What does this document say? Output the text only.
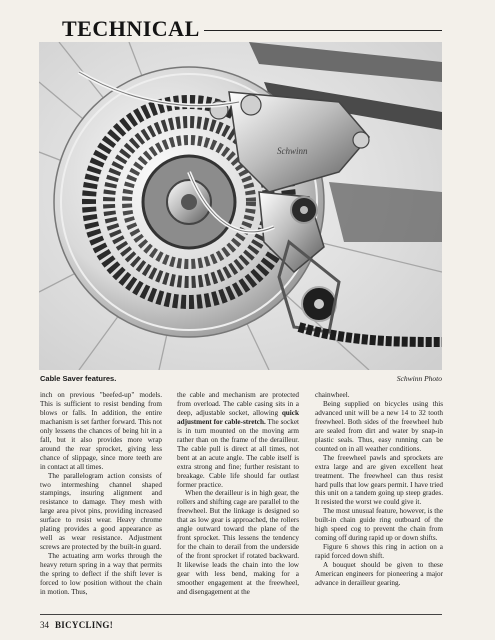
TECHNICAL
Schwinn
Cable Saver features.	Schwinn Photo

inch on previous "beefed-up" models. This is sufficient to resist bending from blows or falls. In addition, the entire machanism is set farther forward. This not only lessens the chances of being hit in a fall, but it also provides more wrap around the rear sprocket, giving less chance of slippage, since more teeth are in contact at all times.

The parallelogram action consists of two intermeshing channel shaped stampings, insuring alignment and resistance to damage. They mesh with large area pivot pins, providing increased surface to resist wear. Heavy chrome plating provides a good appearance as well as wear resistance. Adjustment screws are protected by the built-in guard.

The actuating arm works through the heavy return spring in a way that permits the spring to deflect if the shift lever is forced to low position without the chain in motion. Thus,

the cable and mechanism are protected from overload. The cable casing sits in a deep, adjustable socket, allowing quick adjustment for cable-stretch. The socket is in turn mounted on the moving arm rather than on the frame of the derailleur. The cable pull is direct at all times, not bent at an acute angle. The cable itself is extra strong and fine; further resistant to breakage. Cable life should far outlast former practice.

When the derailleur is in high gear, the rollers and shifting cage are parallel to the freewheel. But the linkage is designed so that as low gear is approached, the rollers angle outward toward the plane of the front sprocket. This lessens the tendency for the chain to derail from the underside of the front sprocket if rotated backward. It likewise leads the chain into the low gear with less bend, making for a smoother engagement at the freewheel, and disengagement at the

chainwheel.

Being supplied on bicycles using this advanced unit will be a new 14 to 32 tooth freewheel. Both sides of the freewheel hub are sealed from dirt and water by snap-in plastic seals. Thus, easy running can be counted on in all weather conditions.

The freewheel pawls and sprockets are extra large and are given excellent heat treatment. The freewheel can thus resist hard pulls that low gears permit. I have tried this unit on a tandem going up steep grades. It resisted the worst we could give it.

The most unusual feature, however, is the built-in chain guide ring outboard of the high speed cog to prevent the chain from coming off during rapid up or down shifts.

Figure 6 shows this ring in action on a rapid forced down shift.

A bouquet should be given to these American engineers for pioneering a major advance in derailleur gearing.

34 BICYCLING!
